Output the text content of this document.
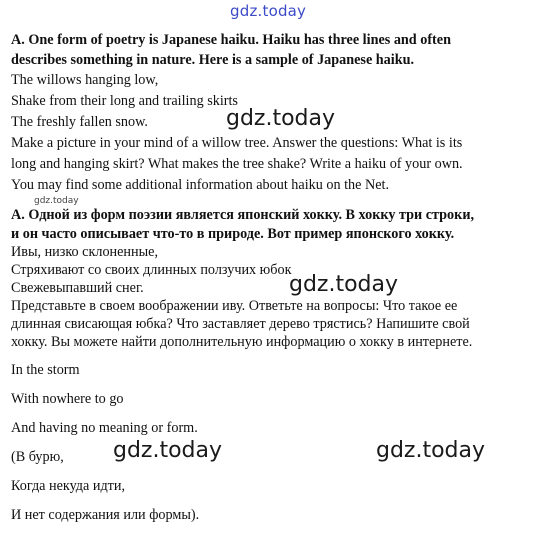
gdz.today
gdz.today
gdz.today
gdz.today
gdz.today	gdz.today
A. One form of poetry is Japanese haiku. Haiku has three lines and often
describes something in nature. Here is a sample of Japanese haiku.
The willows hanging low,
Shake from their long and trailing skirts
The freshly fallen snow.
Make a picture in your mind of a willow tree. Answer the questions: What is its
long and hanging skirt? What makes the tree shake? Write a haiku of your own.
You may find some additional information about haiku on the Net.
А. Одной из форм поэзии является японский хокку. В хокку три строки,
и он часто описывает что-то в природе. Вот пример японского хокку.
Ивы, низко склоненные,
Стряхивают со своих длинных ползучих юбок
Свежевыпавший снег.
Представьте в своем воображении иву. Ответьте на вопросы: Что такое ее
длинная свисающая юбка? Что заставляет дерево трястись? Напишите свой
хокку. Вы можете найти дополнительную информацию о хокку в интернете.
In the storm
With nowhere to go
And having no meaning or form.
(В бурю,
Когда некуда идти,
И нет содержания или формы).
